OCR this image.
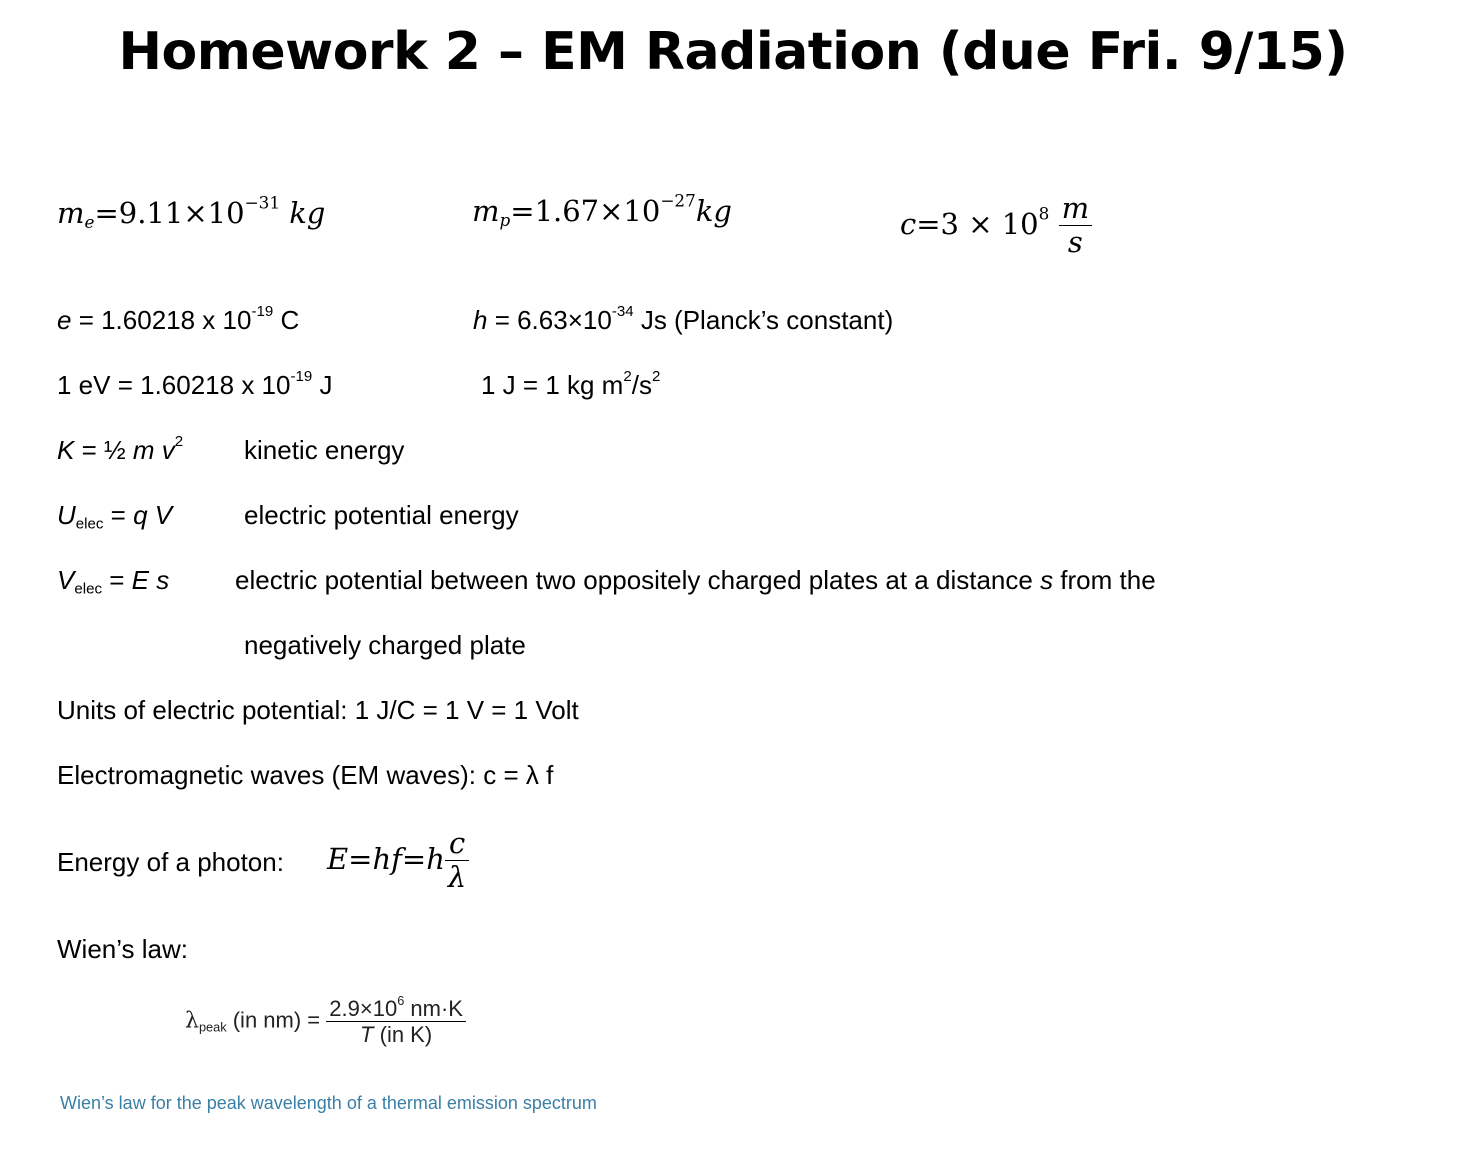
Homework 2 – EM Radiation (due Fri. 9/15)
$m_e=9.11\times 10^{-31}$ kg	$m_p=1.67\times 10^{-27}kg$	$c=3 \times 10^8 \frac{m}{s}$
e = 1.60218 x $10^{-19}$ C	$h = 6.63\times 10^{-34}$ Js (Planck’s constant)
1 eV = 1.60218 x $10^{-19}$ J	1 J = 1 kg $m^2/s^2$
K = ½ m $v^2$ kinetic energy
$U_{elec} = q$ V	electric potential energy
$V_{elec} = E$ s	electric potential between two oppositely charged plates at a distance s from the
negatively charged plate
Units of electric potential: 1 J/C = 1 V = 1 Volt
Electromagnetic waves (EM waves): c = λ f
Energy of a photon: $E=hf=h \frac{c}{\lambda}$
Wien’s law:
$\lambda_{peak}$ (in $nm) = \frac{2.9\times 10^6 nm\cdot K}{\text{T (in K)}}$
Wien’s law for the peak wavelength of a thermal emission spectrum
